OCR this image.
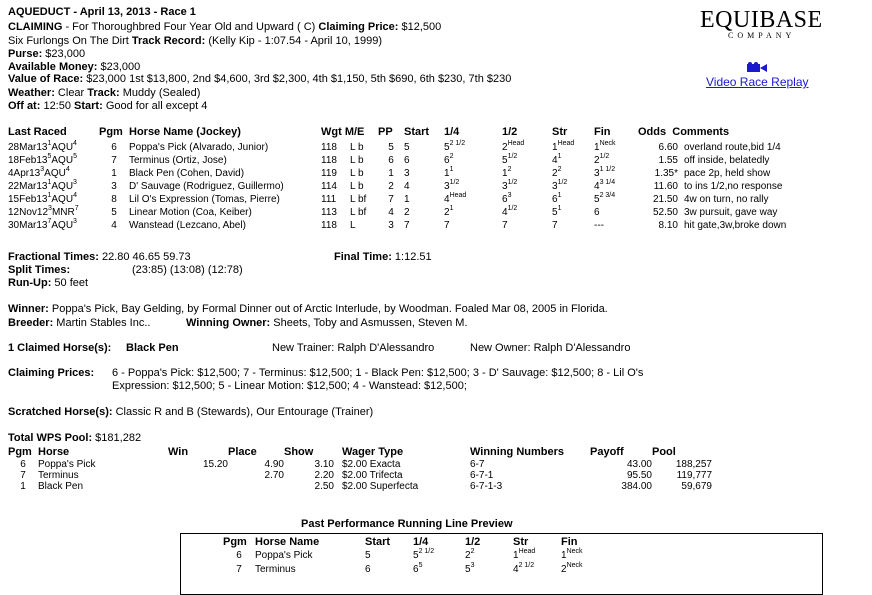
AQUEDUCT - April 13, 2013 - Race 1
CLAIMING - For Thoroughbred Four Year Old and Upward ( C) Claiming Price: $12,500
Six Furlongs On The Dirt Track Record: (Kelly Kip - 1:07.54 - April 10, 1999)
Purse: $23,000
Available Money: $23,000
Value of Race: $23,000 1st $13,800, 2nd $4,600, 3rd $2,300, 4th $1,150, 5th $690, 6th $230, 7th $230
Weather: Clear Track: Muddy (Sealed)
Off at: 12:50 Start: Good for all except 4
EQUIBASE
COMPANY
Video Race Replay
Last Raced	Pgm	Horse Name (Jockey)	Wgt M/E		PP	Start	1/4	1/2	Str	Fin	Odds Comments	
$28Mar13^1AQU^4$	6	Poppa's Pick (Alvarado, Junior)	118	L b	5	5	$5^{2 1/2}$	$2^{Head}$	$1^{Head}$	$1^{Neck}$	6.60	overland route,bid 1/4
$18Feb13^5AQU^5$	7	Terminus (Ortiz, Jose)	118	L b	6	6	$6^2$	$5^{1/2}$	$4^1$	$2^{1/2}$	1.55	off inside, belatedly
$4Apr13^3AQU^4$	1	Black Pen (Cohen, David)	119	L b	1	3	$1^1$	$1^2$	$2^2$	$3^{1 1/2}$	1.35*	pace 2p, held show
$22Mar13^1AQU^3$	3	D' Sauvage (Rodriguez, Guillermo)	114	L b	2	4	$3^{1/2}$	$3^{1/2}$	$3^{1/2}$	$4^{3 1/4}$	11.60	to ins 1/2,no response
$15Feb13^1AQU^4$	8	Lil O's Expression (Tomas, Pierre)	111	L bf	7	1	$4^{Head}$	$6^3$	$6^1$	$5^{2 3/4}$	21.50	4w on turn, no rally
$12Nov12^3MNR^7$	5	Linear Motion (Coa, Keiber)	113	L bf	4	2	$2^1$	$4^{1/2}$	$5^1$	6	52.50	3w pursuit, gave way
$30Mar13^7AQU^3$	4	Wanstead (Lezcano, Abel)	118	L	3	7	7	7	7	---	8.10	hit gate,3w,broke down
Fractional Times: 22.80 46.65 59.73	Final Time: 1:12.51
Split Times:	(23:85) (13:08) (12:78)
Run-Up: 50 feet
Winner: Poppa's Pick, Bay Gelding, by Formal Dinner out of Arctic Interlude, by Woodman. Foaled Mar 08, 2005 in Florida.
Breeder: Martin Stables Inc..	Winning Owner: Sheets, Toby and Asmussen, Steven M.
1 Claimed Horse(s): Black Pen	New Trainer: Ralph D'Alessandro	New Owner: Ralph D'Alessandro
Claiming Prices: 6 - Poppa's Pick: $12,500; 7 - Terminus: $12,500; 1 - Black Pen: $12,500; 3 - D' Sauvage: $12,500; 8 - Lil O's
Expression: $12,500; 5 - Linear Motion: $12,500; 4 - Wanstead: $12,500;
Scratched Horse(s): Classic R and B (Stewards), Our Entourage (Trainer)
Total WPS Pool: $181,282
Pgm	Horse	Win	Place	Show	Wager Type	Winning Numbers	Payoff	Pool
6	Poppa's Pick	15.20	4.90	3.10	$2.00 Exacta	6-7	43.00	188,257
7	Terminus		2.70	2.20	$2.00 Trifecta	6-7-1	95.50	119,777
1	Black Pen			2.50	$2.00 Superfecta	6-7-1-3	384.00	59,679
Past Performance Running Line Preview
Pgm	Horse Name	Start	1/4	1/2	Str	Fin
6	Poppa's Pick	5	$5^{2 1/2}$	$2^2$	$1^{Head}$	$1^{Neck}$
7	Terminus	6	$6^5$	$5^3$	$4^{2 1/2}$	$2^{Neck}$
